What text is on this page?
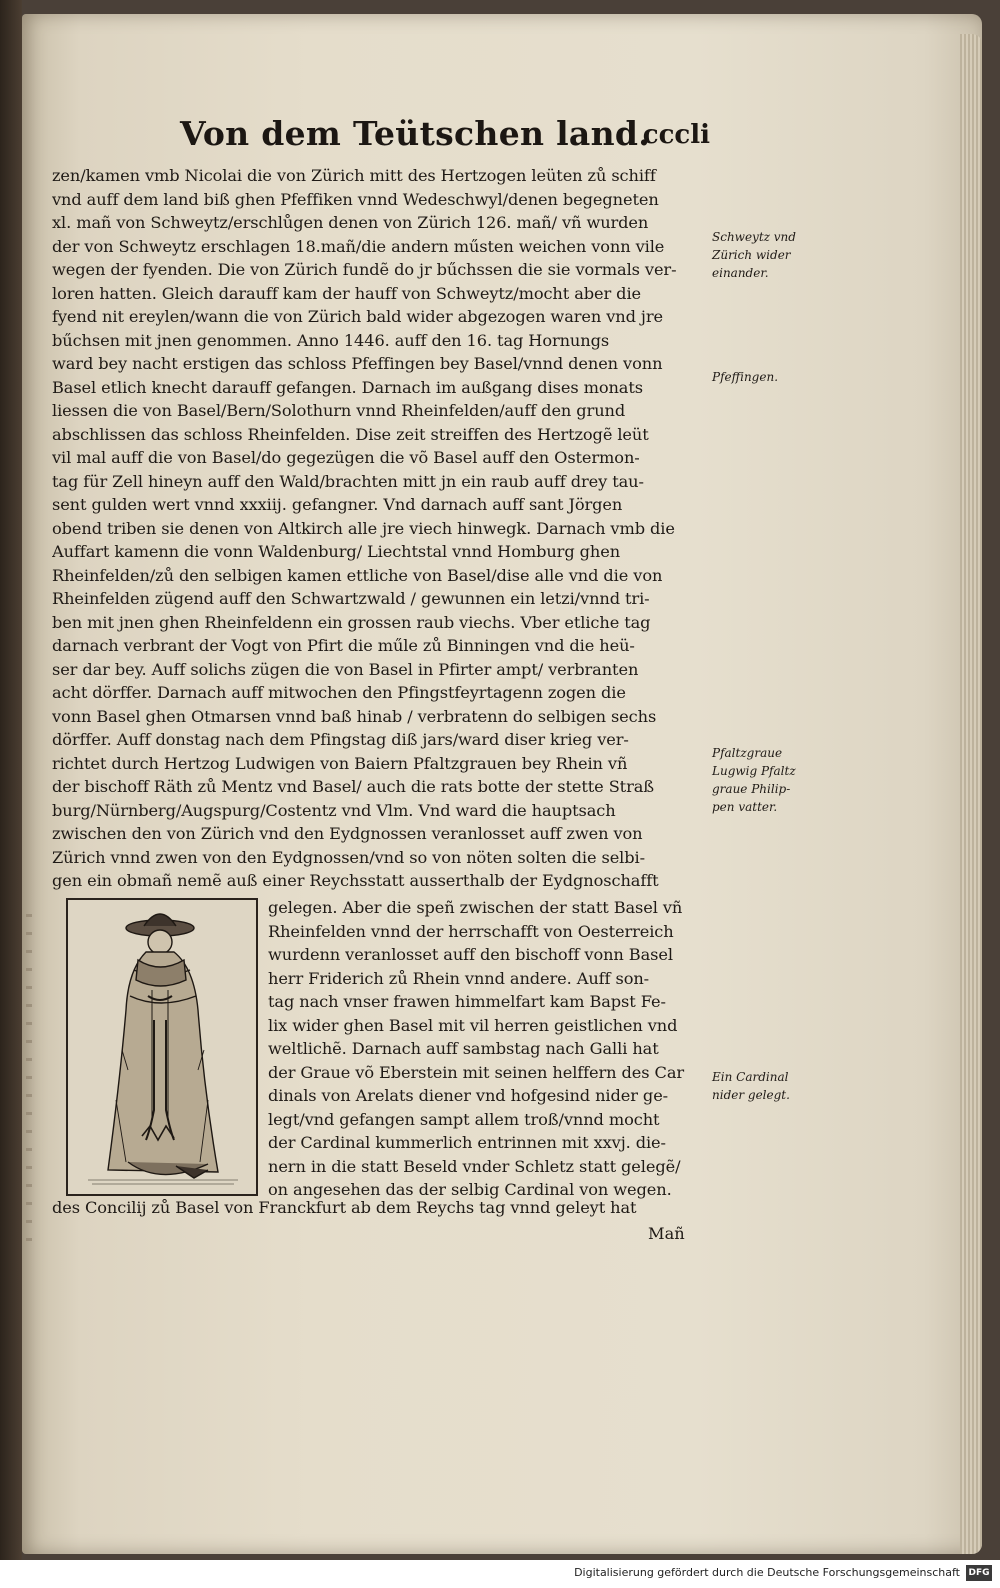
Von dem Teütschen land.
cccli
zen/kamen vmb Nicolai die von Zürich mitt des Hertzogen leüten zů schiff
vnd auff dem land biß ghen Pfeffiken vnnd Wedeschwyl/denen begegneten
xl. mañ von Schweytz/erschlůgen denen von Zürich 126. mañ/ vñ wurden
der von Schweytz erschlagen 18.mañ/die andern műsten weichen vonn vile
wegen der fyenden. Die von Zürich fundẽ do jr bűchssen die sie vormals ver-
loren hatten. Gleich darauff kam der hauff von Schweytz/mocht aber die
fyend nit ereylen/wann die von Zürich bald wider abgezogen waren vnd jre
bűchsen mit jnen genommen. Anno 1446. auff den 16. tag Hornungs
ward bey nacht erstigen das schloss Pfeffingen bey Basel/vnnd denen vonn
Basel etlich knecht darauff gefangen. Darnach im außgang dises monats
liessen die von Basel/Bern/Solothurn vnnd Rheinfelden/auff den grund
abschlissen das schloss Rheinfelden. Dise zeit streiffen des Hertzogẽ leüt
vil mal auff die von Basel/do gegezügen die võ Basel auff den Ostermon-
tag für Zell hineyn auff den Wald/brachten mitt jn ein raub auff drey tau-
sent gulden wert vnnd xxxiij. gefangner. Vnd darnach auff sant Jörgen
obend triben sie denen von Altkirch alle jre viech hinwegk. Darnach vmb die
Auffart kamenn die vonn Waldenburg/ Liechtstal vnnd Homburg ghen
Rheinfelden/zů den selbigen kamen ettliche von Basel/dise alle vnd die von
Rheinfelden zügend auff den Schwartzwald / gewunnen ein letzi/vnnd tri-
ben mit jnen ghen Rheinfeldenn ein grossen raub viechs. Vber etliche tag
darnach verbrant der Vogt von Pfirt die műle zů Binningen vnd die heü-
ser dar bey. Auff solichs zügen die von Basel in Pfirter ampt/ verbranten
acht dörffer. Darnach auff mitwochen den Pfingstfeyrtagenn zogen die
vonn Basel ghen Otmarsen vnnd baß hinab / verbratenn do selbigen sechs
dörffer. Auff donstag nach dem Pfingstag diß jars/ward diser krieg ver-
richtet durch Hertzog Ludwigen von Baiern Pfaltzgrauen bey Rhein vñ
der bischoff Räth zů Mentz vnd Basel/ auch die rats botte der stette Straß
burg/Nürnberg/Augspurg/Costentz vnd Vlm. Vnd ward die hauptsach
zwischen den von Zürich vnd den Eydgnossen veranlosset auff zwen von
Zürich vnnd zwen von den Eydgnossen/vnd so von nöten solten die selbi-
gen ein obmañ nemẽ auß einer Reychsstatt ausserthalb der Eydgnoschafft
gelegen. Aber die speñ zwischen der statt Basel vñ
Rheinfelden vnnd der herrschafft von Oesterreich
wurdenn veranlosset auff den bischoff vonn Basel
herr Friderich zů Rhein vnnd andere. Auff son-
tag nach vnser frawen himmelfart kam Bapst Fe-
lix wider ghen Basel mit vil herren geistlichen vnd
weltlichẽ. Darnach auff sambstag nach Galli hat
der Graue võ Eberstein mit seinen helffern des Car
dinals von Arelats diener vnd hofgesind nider ge-
legt/vnd gefangen sampt allem troß/vnnd mocht
der Cardinal kummerlich entrinnen mit xxvj. die-
nern in die statt Beseld vnder Schletz statt gelegẽ/
on angesehen das der selbig Cardinal von wegen.
des Concilij zů Basel von Franckfurt ab dem Reychs tag vnnd geleyt hat
Mañ
Schweytz vnd
Zürich wider
einander.
Pfeffingen.
Pfaltzgraue
Lugwig Pfaltz
graue Philip-
pen vatter.
Ein Cardinal
nider gelegt.
Digitalisierung gefördert durch die Deutsche Forschungsgemeinschaft DFG
